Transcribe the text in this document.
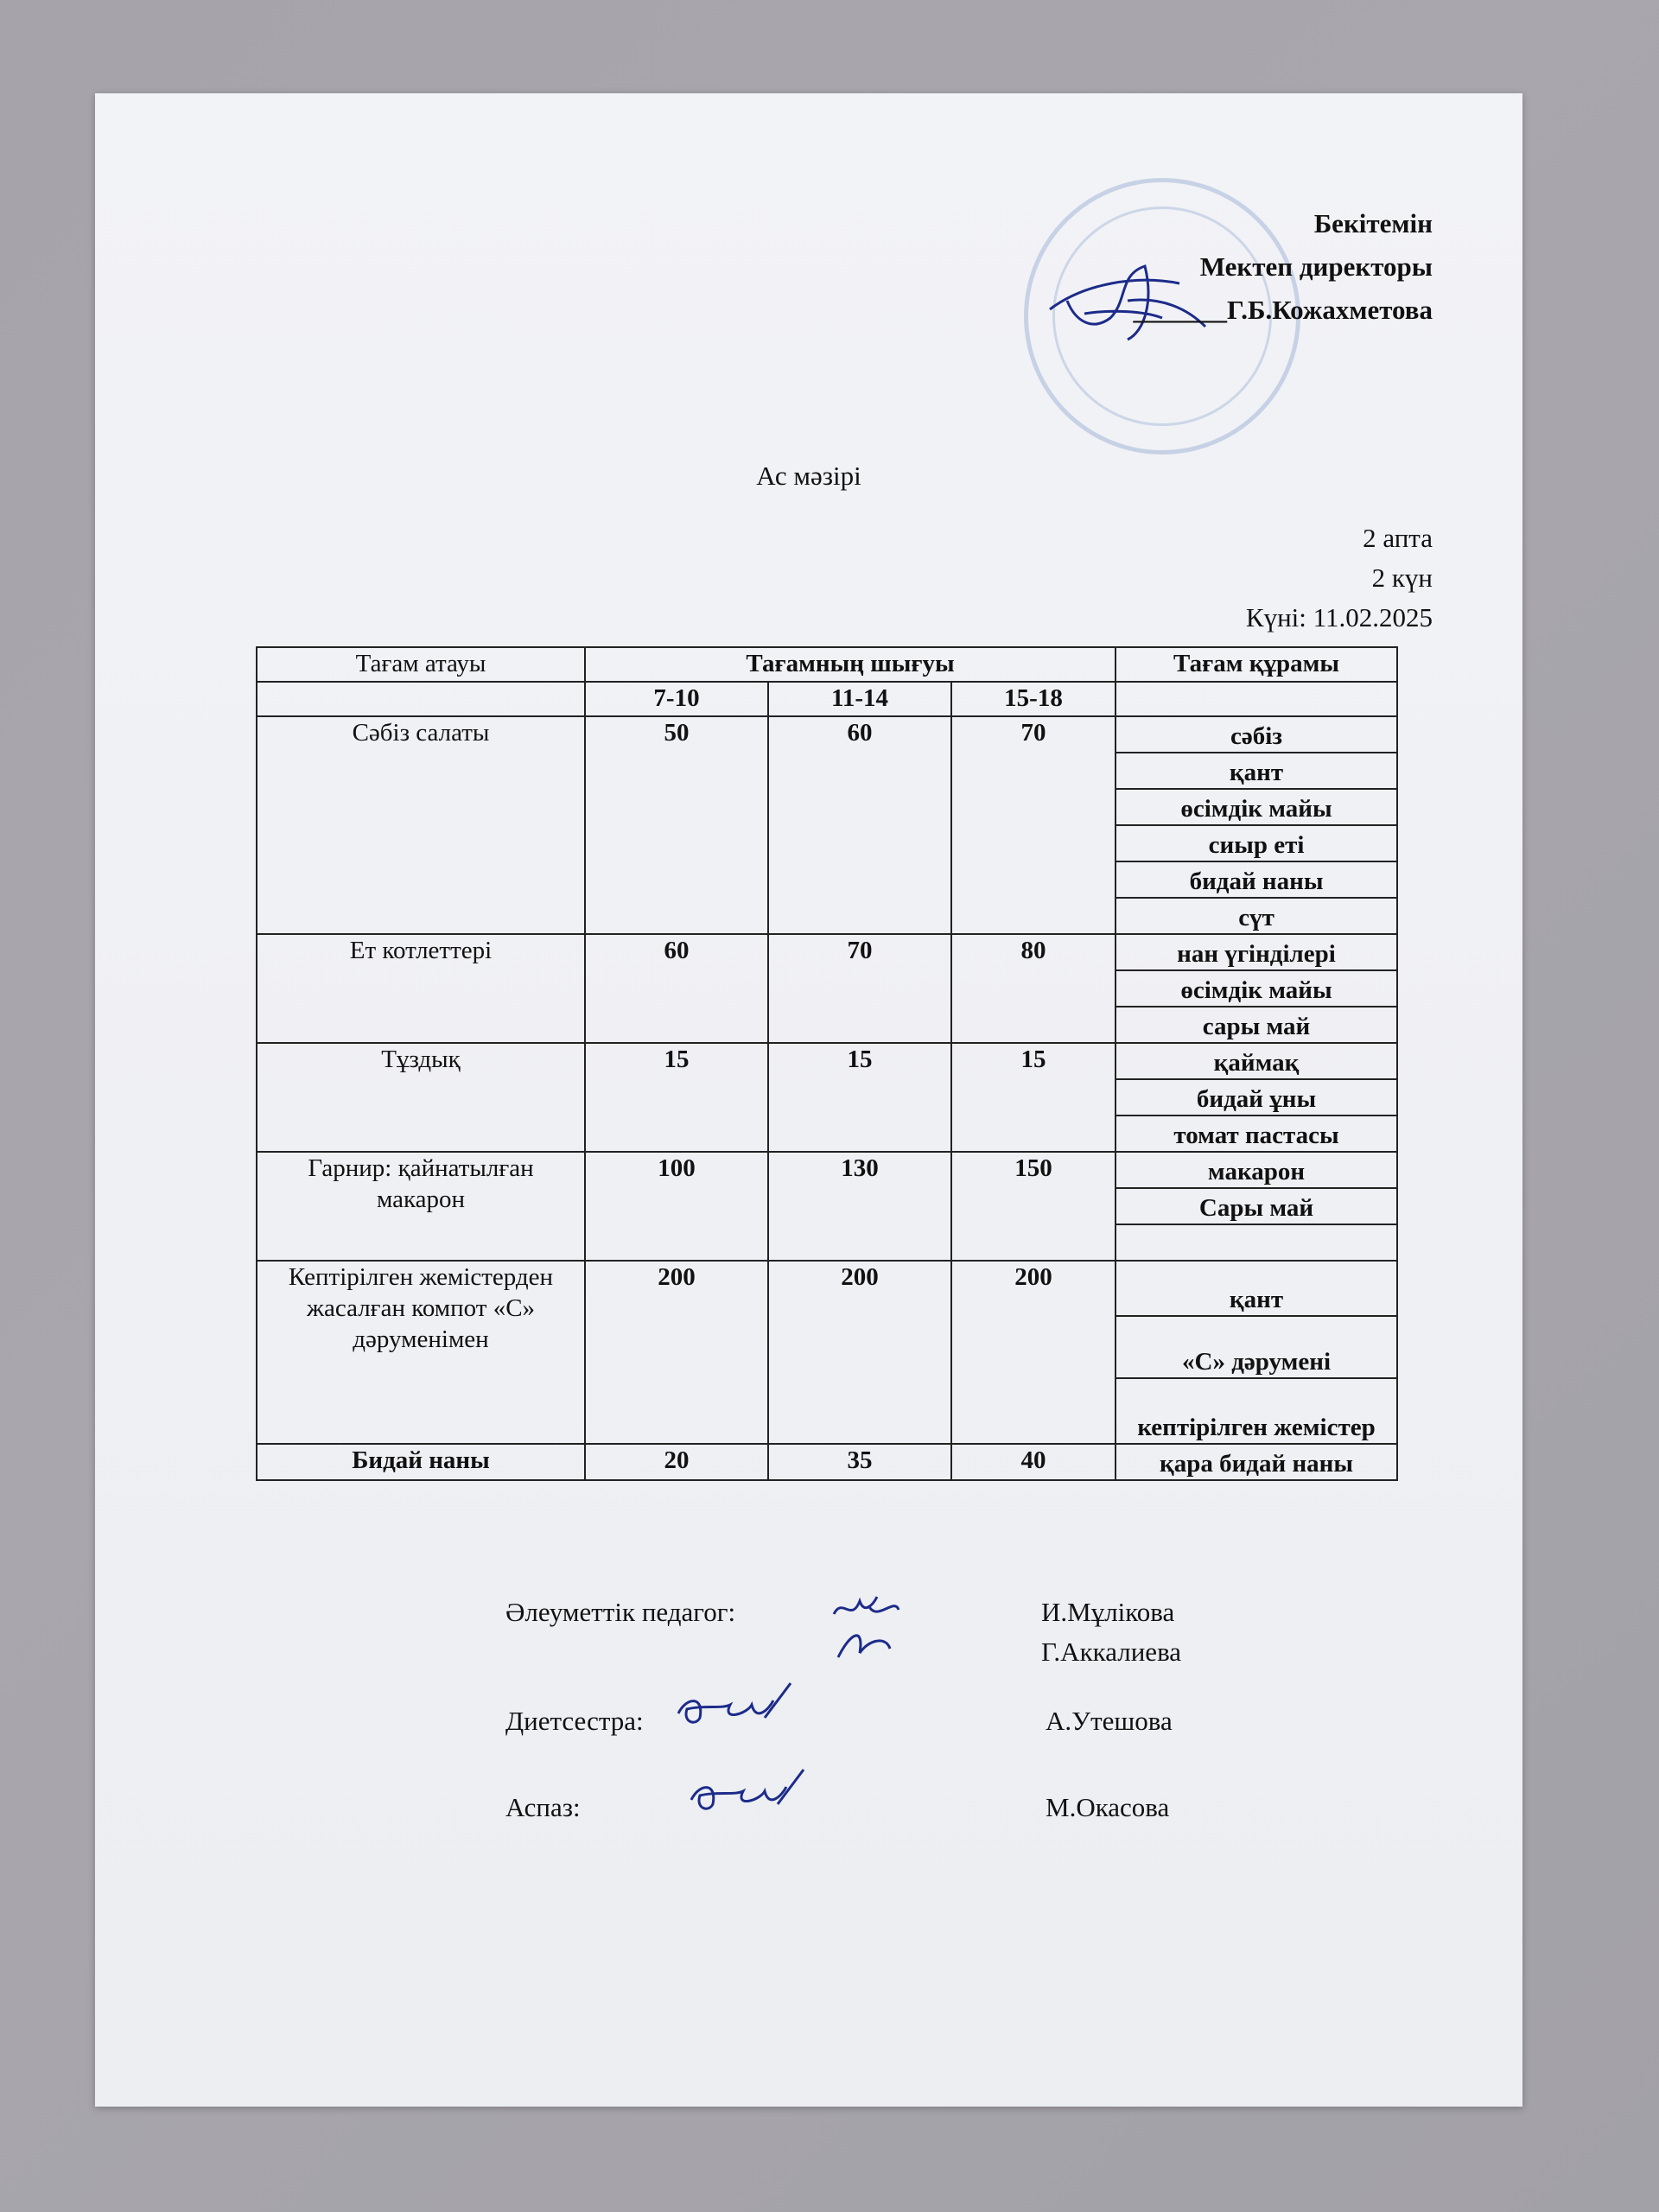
Бекітемін
Мектеп директоры
_______Г.Б.Кожахметова
Ас мәзірі
2 апта
2 күн
Күні: 11.02.2025
Тағам атауы	Тағамның шығуы			Тағам құрамы
	7-10	11-14	15-18	
Сәбіз салаты	50	60	70	сәбіз
				қант
				өсімдік майы
				сиыр еті
				бидай наны
				сүт
Ет котлеттері	60	70	80	нан үгінділері
				өсімдік майы
				сары май
Тұздық	15	15	15	қаймақ
				бидай ұны
				томат пастасы
Гарнир: қайнатылған макарон	100	130	150	макарон
				Сары май

Кептірілген жемістерден жасалған компот «С» дәруменімен	200	200	200	қант
				«С» дәрумені
				кептірілген жемістер
Бидай наны	20	35	40	қара бидай наны
Әлеуметтік педагог:	И.Мұлікова
Г.Аккалиева
Диетсестра:	А.Утешова
Аспаз:	М.Окасова
